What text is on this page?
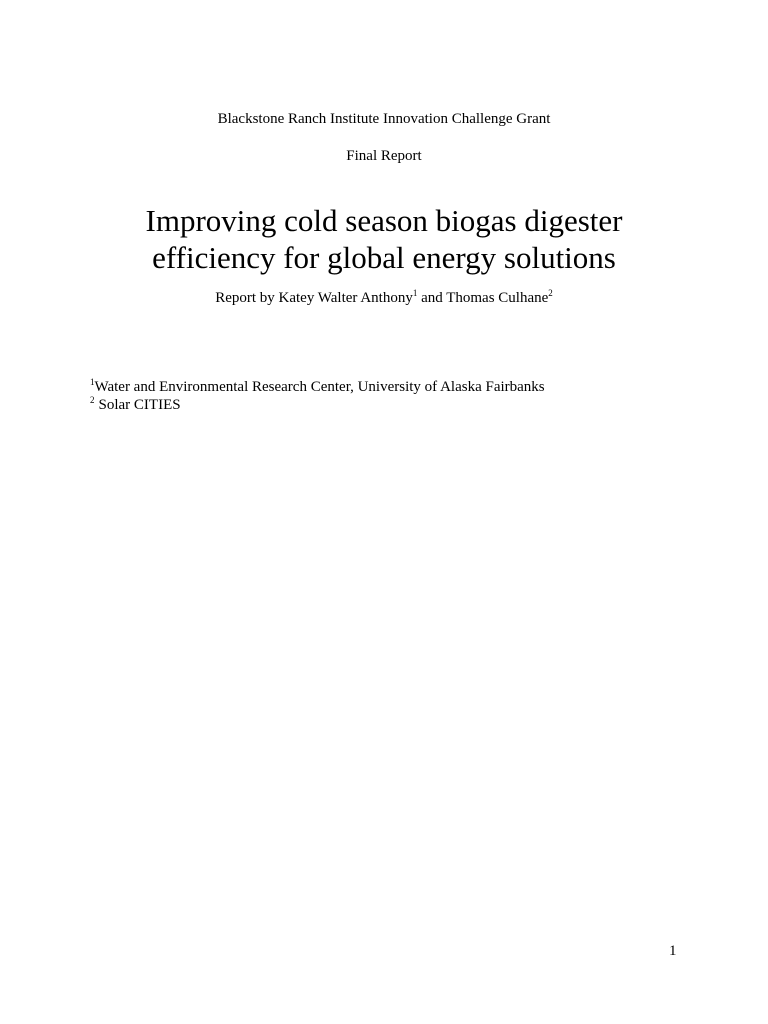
Blackstone Ranch Institute Innovation Challenge Grant
Final Report
Improving cold season biogas digester
efficiency for global energy solutions
Report by Katey Walter Anthony$^1$ and Thomas Culhane$^2$
$^1$Water and Environmental Research Center, University of Alaska Fairbanks
$^2$ Solar CITIES
1
